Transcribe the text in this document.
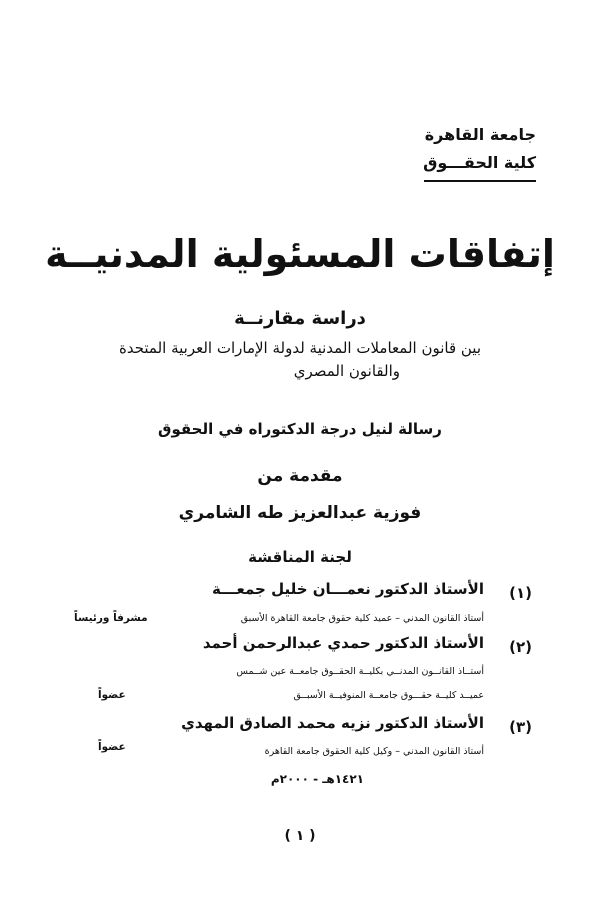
جامعة القاهرة
كلية الحقـــوق
إتفاقات المسئولية المدنيــة
دراسة مقارنــة
بين قانون المعاملات المدنية لدولة الإمارات العربية المتحدة
والقانون المصري
رسالة لنيل درجة الدكتوراه في الحقوق
مقدمة من
فوزية عبدالعزيز طه الشامري
لجنة المناقشة
(١)
الأستاذ الدكتور نعمـــان خليل جمعـــة
أستاذ القانون المدني – عميد كلية حقوق جامعة القاهرة الأسبق
مشرفاً ورئيساً
(٢)
الأستاذ الدكتور حمدي عبدالرحمن أحمد
أستــاذ القانــون المدنــي بكليــة الحقــوق جامعــة عين شــمس
عميــد كليــة حقـــوق جامعــة المنوفيــة الأسبــق
عضواً
(٣)
الأستاذ الدكتور نزيه محمد الصادق المهدي
أستاذ القانون المدني – وكيل كلية الحقوق جامعة القاهرة
عضواً
١٤٢١هـ - ٢٠٠٠م
( ١ )
